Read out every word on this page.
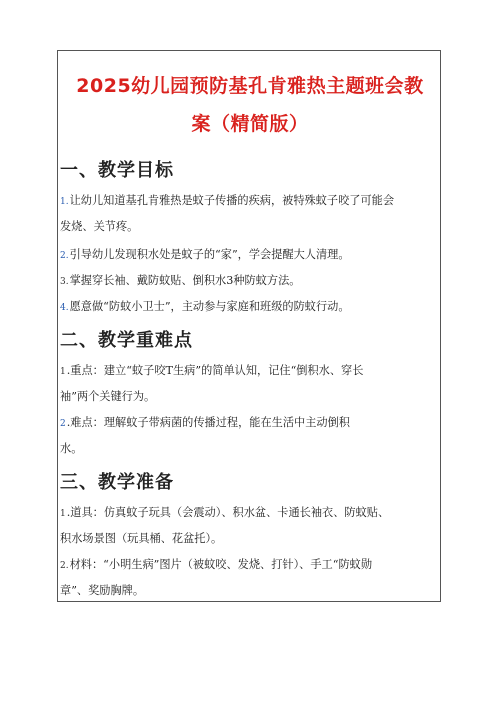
2025幼儿园预防基孔肯雅热主题班会教
案（精简版）
一、教学目标
1.让幼儿知道基孔肯雅热是蚊子传播的疾病，被特殊蚊子咬了可能会
发烧、关节疼。
2.引导幼儿发现积水处是蚊子的“家”，学会提醒大人清理。
3.掌握穿长袖、戴防蚊贴、倒积水3种防蚊方法。
4.愿意做“防蚊小卫士”，主动参与家庭和班级的防蚊行动。
二、教学重难点
1.重点：建立“蚊子咬T生病”的简单认知，记住“倒积水、穿长
袖”两个关键行为。
2.难点：理解蚊子带病菌的传播过程，能在生活中主动倒积
水。
三、教学准备
1.道具：仿真蚊子玩具（会震动）、积水盆、卡通长袖衣、防蚊贴、
积水场景图（玩具桶、花盆托）。
2.材料：“小明生病”图片（被蚊咬、发烧、打针）、手工“防蚊勋
章”、奖励胸牌。
